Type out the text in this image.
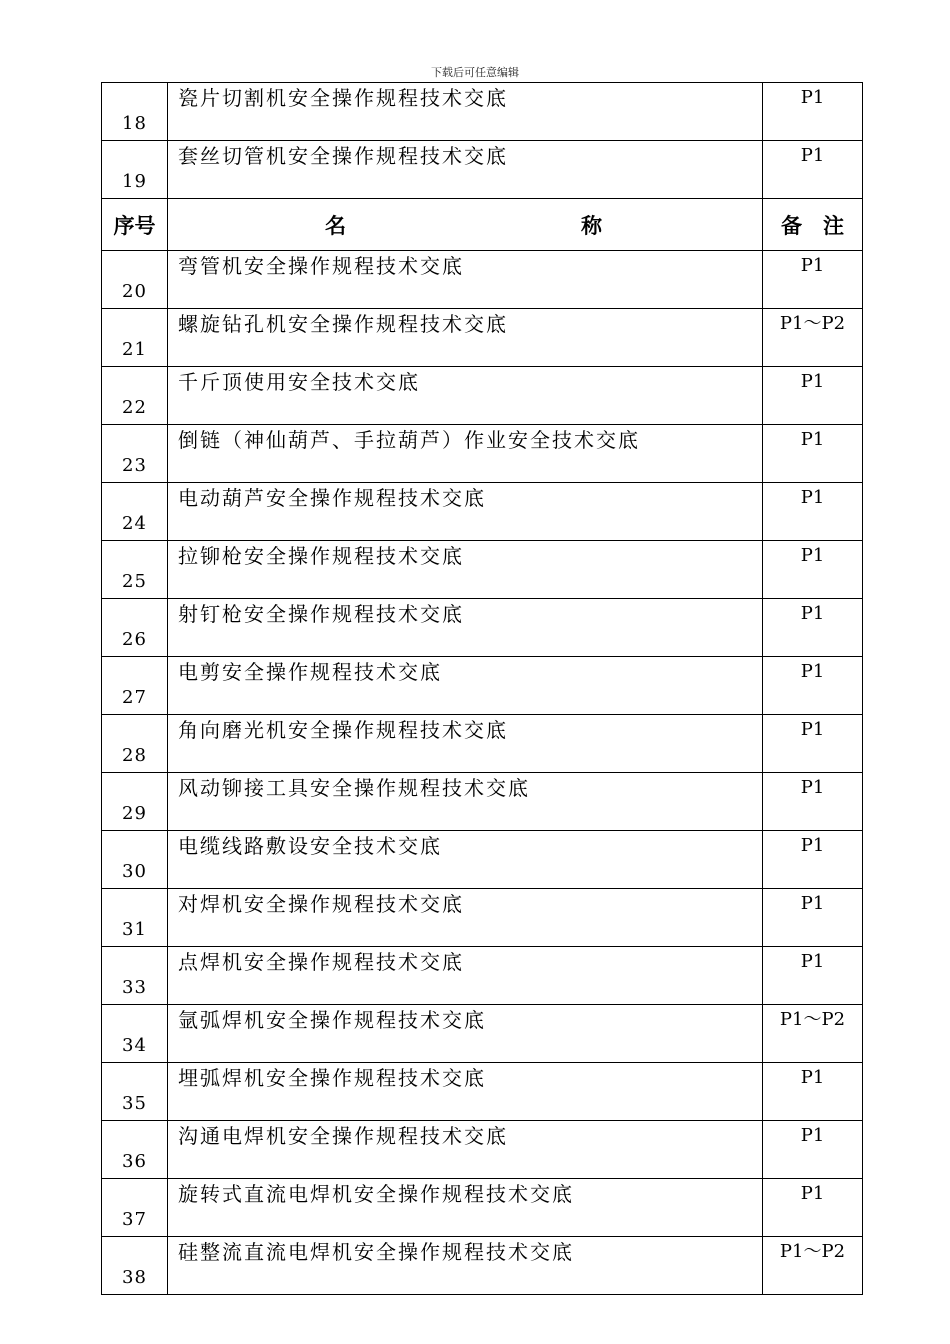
下载后可任意编辑
18	瓷片切割机安全操作规程技术交底	P1
19	套丝切管机安全操作规程技术交底	P1
序号	名 称	备 注

20	弯管机安全操作规程技术交底	P1
21	螺旋钻孔机安全操作规程技术交底	P1～P2
22	千斤顶使用安全技术交底	P1
23	倒链（神仙葫芦、手拉葫芦）作业安全技术交底	P1
24	电动葫芦安全操作规程技术交底	P1
25	拉铆枪安全操作规程技术交底	P1
26	射钉枪安全操作规程技术交底	P1
27	电剪安全操作规程技术交底	P1
28	角向磨光机安全操作规程技术交底	P1
29	风动铆接工具安全操作规程技术交底	P1
30	电缆线路敷设安全技术交底	P1
31	对焊机安全操作规程技术交底	P1
33	点焊机安全操作规程技术交底	P1
34	氩弧焊机安全操作规程技术交底	P1～P2
35	埋弧焊机安全操作规程技术交底	P1
36	沟通电焊机安全操作规程技术交底	P1
37	旋转式直流电焊机安全操作规程技术交底	P1
38	硅整流直流电焊机安全操作规程技术交底	P1～P2
